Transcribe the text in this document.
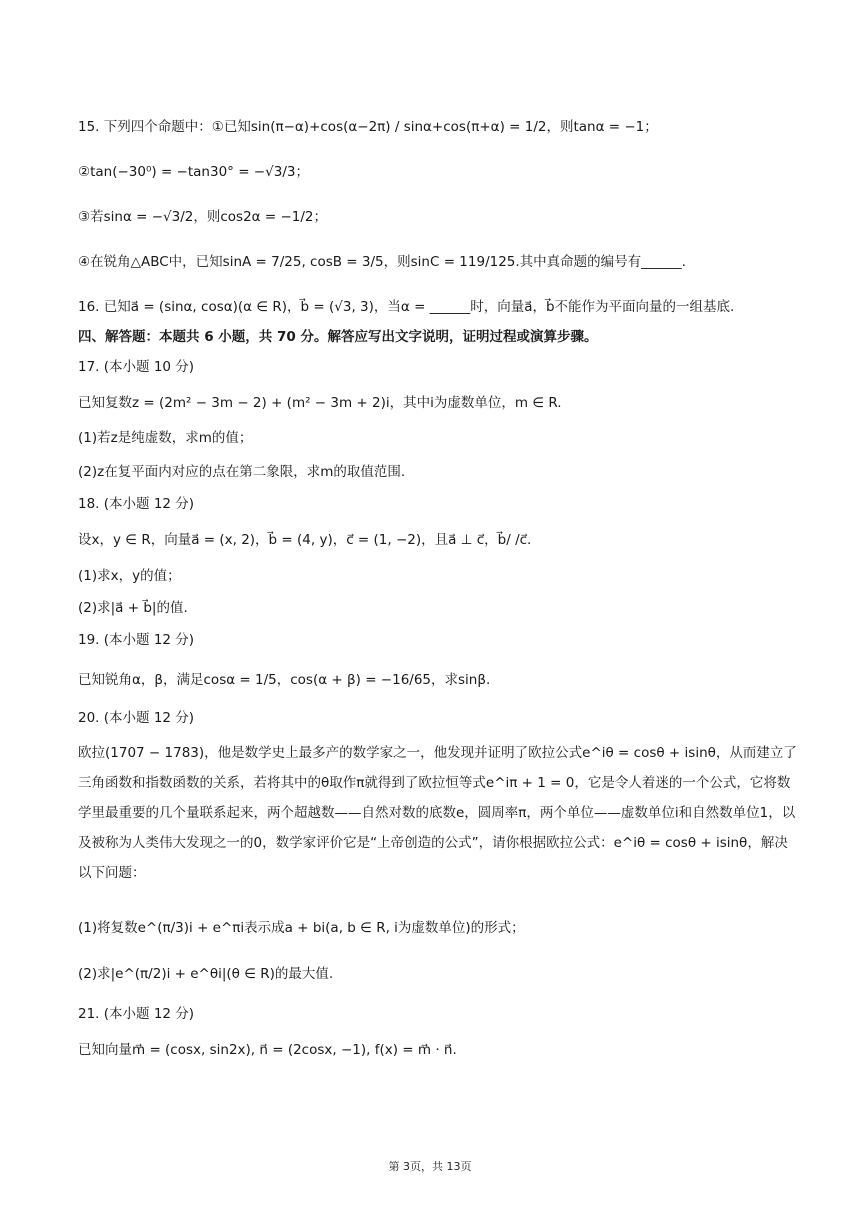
15. 下列四个命题中：①已知sin(π−α)+cos(α−2π) / sinα+cos(π+α) = 1/2，则tanα = −1；
②tan(−30⁰) = −tan30° = −√3/3；
③若sinα = −√3/2，则cos2α = −1/2；
④在锐角△ABC中，已知sinA = 7/25, cosB = 3/5，则sinC = 119/125.其中真命题的编号有______.
16. 已知a⃗ = (sinα, cosα)(α ∈ R)，b⃗ = (√3, 3)，当α = ______时，向量a⃗，b⃗不能作为平面向量的一组基底.
四、解答题：本题共 6 小题，共 70 分。解答应写出文字说明，证明过程或演算步骤。
17. (本小题 10 分)
已知复数z = (2m² − 3m − 2) + (m² − 3m + 2)i，其中i为虚数单位，m ∈ R.
(1)若z是纯虚数，求m的值；
(2)z在复平面内对应的点在第二象限，求m的取值范围.
18. (本小题 12 分)
设x，y ∈ R，向量a⃗ = (x, 2)，b⃗ = (4, y)，c⃗ = (1, −2)，且a⃗ ⊥ c⃗，b⃗/ /c⃗.
(1)求x，y的值；
(2)求|a⃗ + b⃗|的值.
19. (本小题 12 分)
已知锐角α，β，满足cosα = 1/5，cos(α + β) = −16/65，求sinβ.
20. (本小题 12 分)
欧拉(1707 − 1783)，他是数学史上最多产的数学家之一，他发现并证明了欧拉公式e^iθ = cosθ + isinθ，从而建立了三角函数和指数函数的关系，若将其中的θ取作π就得到了欧拉恒等式e^iπ + 1 = 0，它是令人着迷的一个公式，它将数学里最重要的几个量联系起来，两个超越数——自然对数的底数e，圆周率π，两个单位——虚数单位i和自然数单位1，以及被称为人类伟大发现之一的0，数学家评价它是“上帝创造的公式”，请你根据欧拉公式：e^iθ = cosθ + isinθ，解决以下问题：
(1)将复数e^(π/3)i + e^πi表示成a + bi(a, b ∈ R, i为虚数单位)的形式；
(2)求|e^(π/2)i + e^θi|(θ ∈ R)的最大值.
21. (本小题 12 分)
已知向量m⃗ = (cosx, sin2x), n⃗ = (2cosx, −1), f(x) = m⃗ · n⃗.
第 3页，共 13页
